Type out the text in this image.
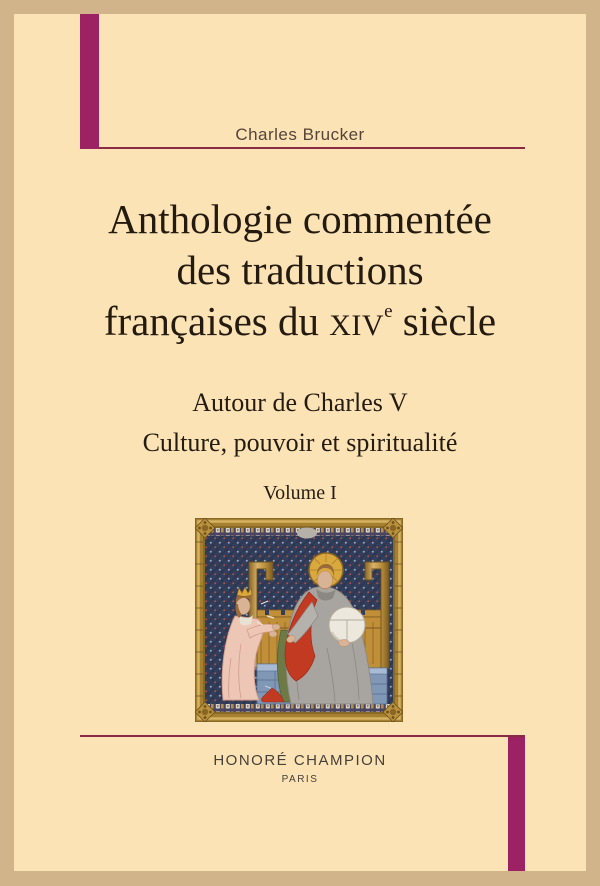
Charles Brucker
Anthologie commentée
des traductions
françaises du XIVe siècle
Autour de Charles V
Culture, pouvoir et spiritualité
Volume I
HONORÉ CHAMPION
PARIS
